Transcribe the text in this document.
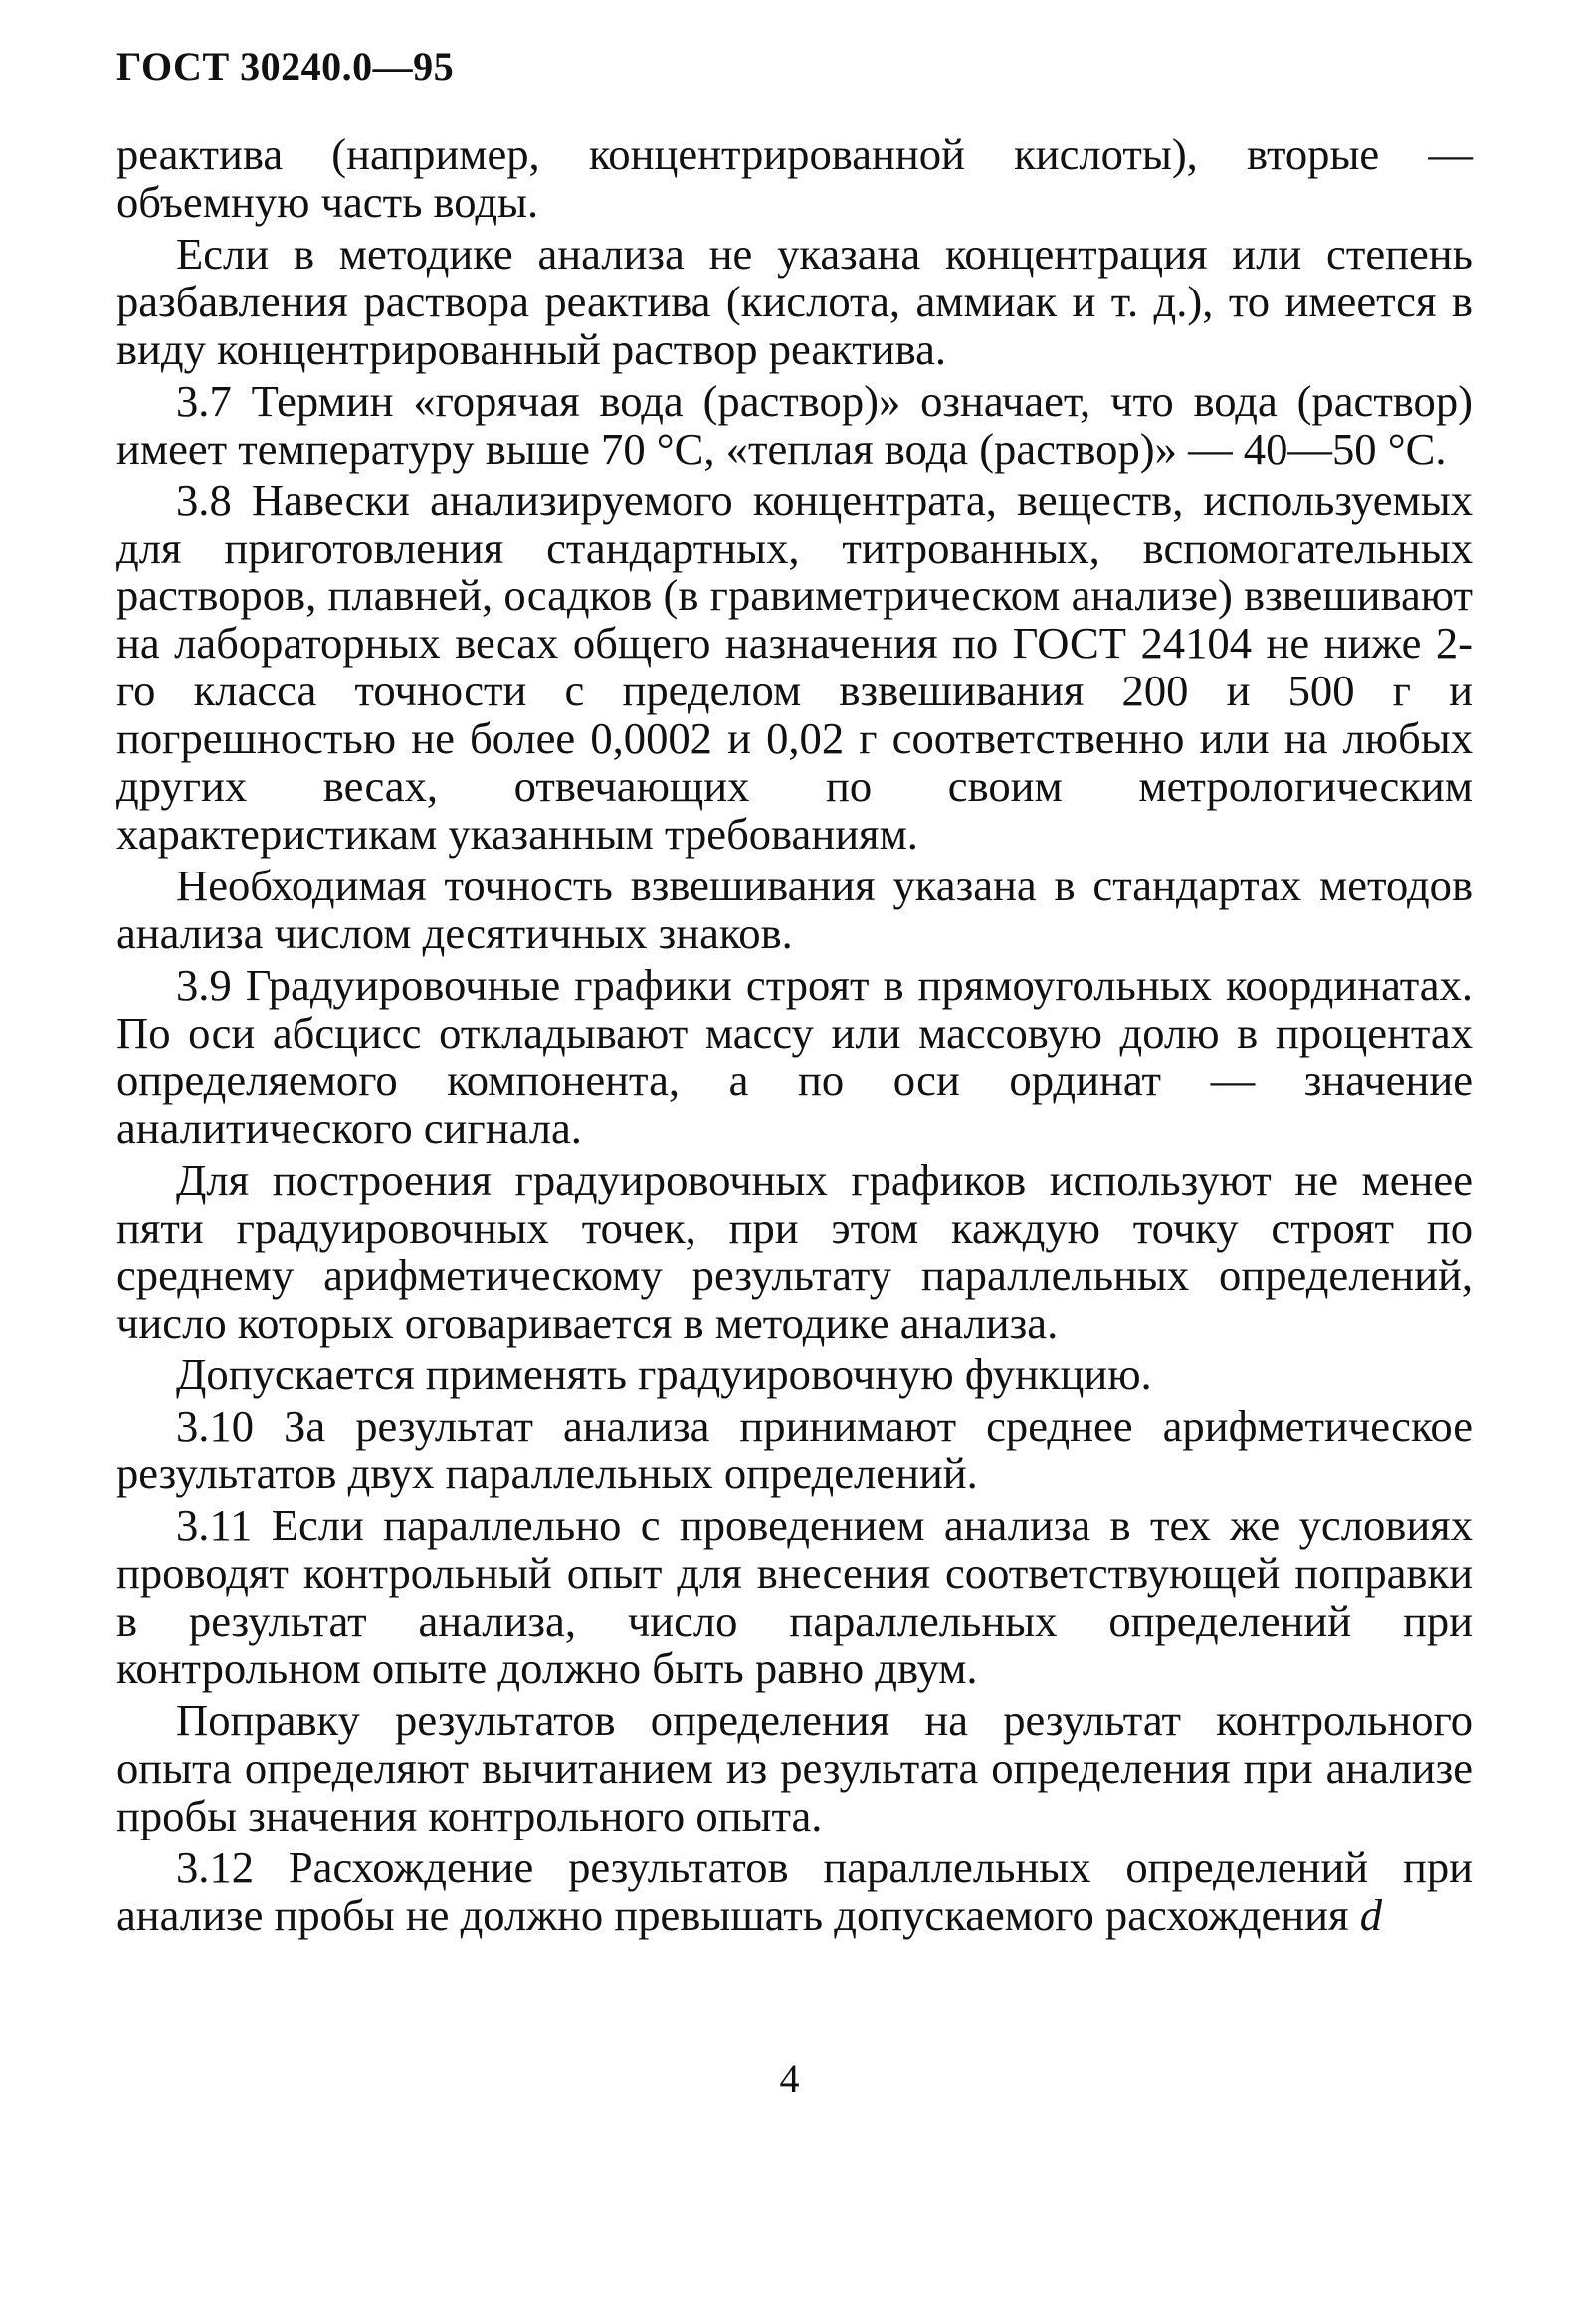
ГОСТ 30240.0—95

реактива (например, концентрированной кислоты), вторые — объемную часть воды.

Если в методике анализа не указана концентрация или степень разбавления раствора реактива (кислота, аммиак и т. д.), то имеется в виду концентрированный раствор реактива.

3.7 Термин «горячая вода (раствор)» означает, что вода (раствор) имеет температуру выше 70 °C, «теплая вода (раствор)» — 40—50 °C.

3.8 Навески анализируемого концентрата, веществ, используемых для приготовления стандартных, титрованных, вспомогательных растворов, плавней, осадков (в гравиметрическом анализе) взвешивают на лабораторных весах общего назначения по ГОСТ 24104 не ниже 2-го класса точности с пределом взвешивания 200 и 500 г и погрешностью не более 0,0002 и 0,02 г соответственно или на любых других весах, отвечающих по своим метрологическим характеристикам указанным требованиям.

Необходимая точность взвешивания указана в стандартах методов анализа числом десятичных знаков.

3.9 Градуировочные графики строят в прямоугольных координатах. По оси абсцисс откладывают массу или массовую долю в процентах определяемого компонента, а по оси ординат — значение аналитического сигнала.

Для построения градуировочных графиков используют не менее пяти градуировочных точек, при этом каждую точку строят по среднему арифметическому результату параллельных определений, число которых оговаривается в методике анализа.

Допускается применять градуировочную функцию.

3.10 За результат анализа принимают среднее арифметическое результатов двух параллельных определений.

3.11 Если параллельно с проведением анализа в тех же условиях проводят контрольный опыт для внесения соответствующей поправки в результат анализа, число параллельных определений при контрольном опыте должно быть равно двум.

Поправку результатов определения на результат контрольного опыта определяют вычитанием из результата определения при анализе пробы значения контрольного опыта.

3.12 Расхождение результатов параллельных определений при анализе пробы не должно превышать допускаемого расхождения d

4
